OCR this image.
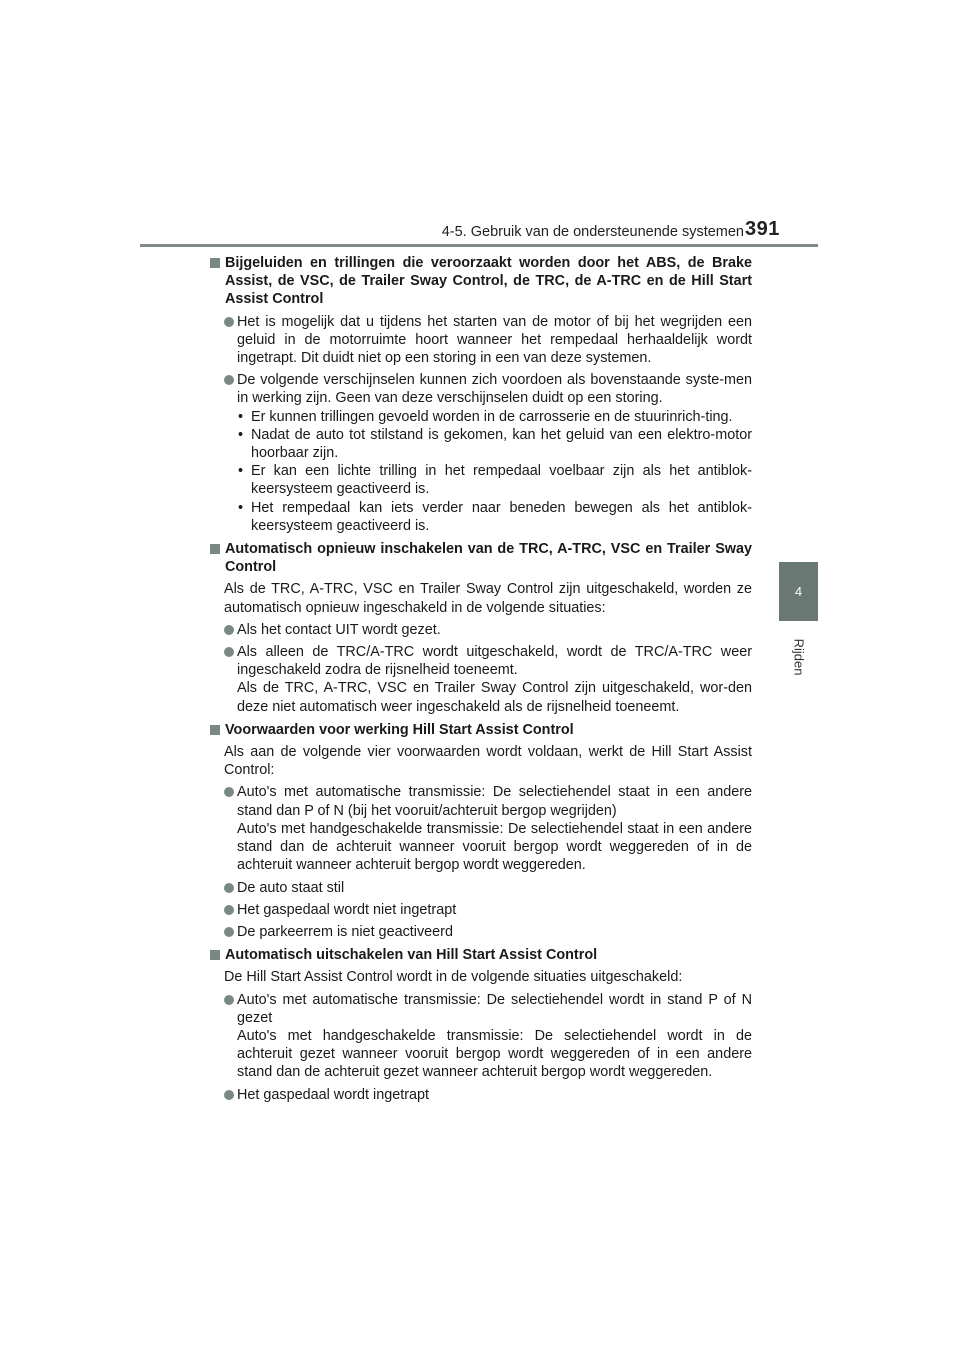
4-5. Gebruik van de ondersteunende systemen 391
4
Rijden
Bijgeluiden en trillingen die veroorzaakt worden door het ABS, de Brake Assist, de VSC, de Trailer Sway Control, de TRC, de A-TRC en de Hill Start Assist Control
Het is mogelijk dat u tijdens het starten van de motor of bij het wegrijden een geluid in de motorruimte hoort wanneer het rempedaal herhaaldelijk wordt ingetrapt. Dit duidt niet op een storing in een van deze systemen.
De volgende verschijnselen kunnen zich voordoen als bovenstaande syste-men in werking zijn. Geen van deze verschijnselen duidt op een storing.
• Er kunnen trillingen gevoeld worden in de carrosserie en de stuurinrich-ting.
• Nadat de auto tot stilstand is gekomen, kan het geluid van een elektro-motor hoorbaar zijn.
• Er kan een lichte trilling in het rempedaal voelbaar zijn als het antiblok-keersysteem geactiveerd is.
• Het rempedaal kan iets verder naar beneden bewegen als het antiblok-keersysteem geactiveerd is.
Automatisch opnieuw inschakelen van de TRC, A-TRC, VSC en Trailer Sway Control
Als de TRC, A-TRC, VSC en Trailer Sway Control zijn uitgeschakeld, worden ze automatisch opnieuw ingeschakeld in de volgende situaties:
Als het contact UIT wordt gezet.
Als alleen de TRC/A-TRC wordt uitgeschakeld, wordt de TRC/A-TRC weer ingeschakeld zodra de rijsnelheid toeneemt.
Als de TRC, A-TRC, VSC en Trailer Sway Control zijn uitgeschakeld, wor-den deze niet automatisch weer ingeschakeld als de rijsnelheid toeneemt.
Voorwaarden voor werking Hill Start Assist Control
Als aan de volgende vier voorwaarden wordt voldaan, werkt de Hill Start Assist Control:
Auto's met automatische transmissie: De selectiehendel staat in een andere stand dan P of N (bij het vooruit/achteruit bergop wegrijden)
Auto's met handgeschakelde transmissie: De selectiehendel staat in een andere stand dan de achteruit wanneer vooruit bergop wordt weggereden of in de achteruit wanneer achteruit bergop wordt weggereden.
De auto staat stil
Het gaspedaal wordt niet ingetrapt
De parkeerrem is niet geactiveerd
Automatisch uitschakelen van Hill Start Assist Control
De Hill Start Assist Control wordt in de volgende situaties uitgeschakeld:
Auto's met automatische transmissie: De selectiehendel wordt in stand P of N gezet
Auto's met handgeschakelde transmissie: De selectiehendel wordt in de achteruit gezet wanneer vooruit bergop wordt weggereden of in een andere stand dan de achteruit gezet wanneer achteruit bergop wordt weggereden.
Het gaspedaal wordt ingetrapt
